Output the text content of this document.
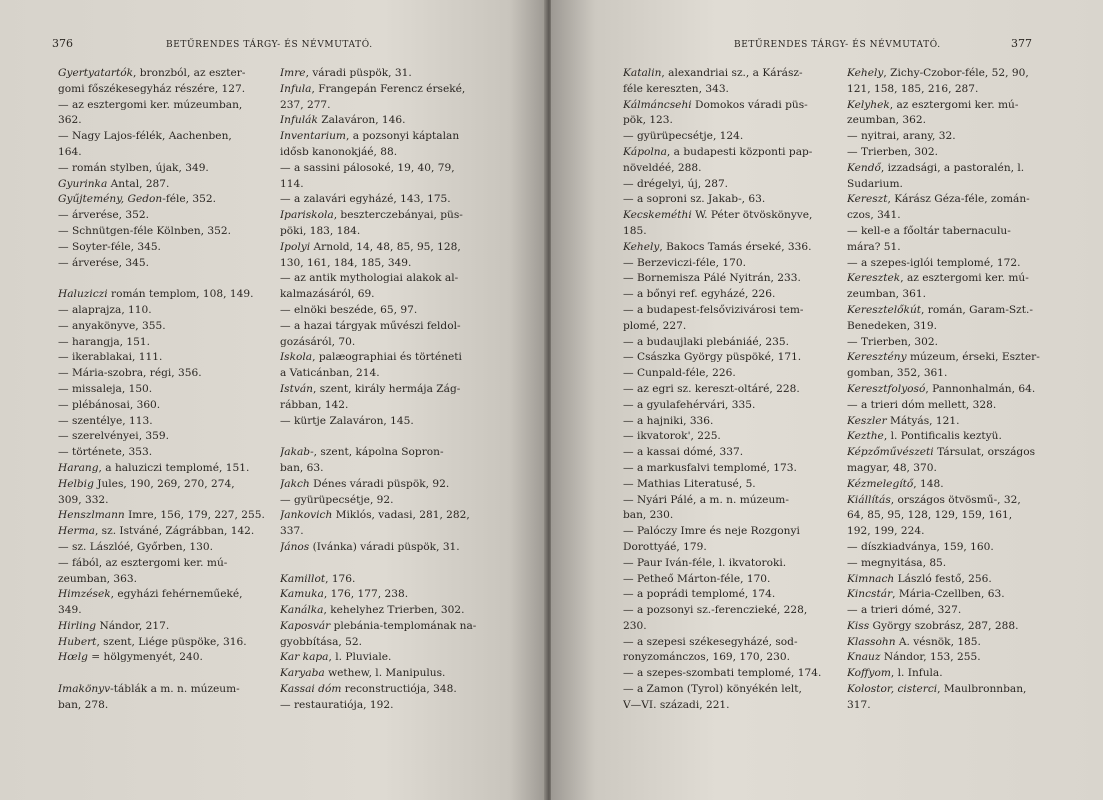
376	BETŰRENDES TÁRGY- ÉS NÉVMUTATÓ.

Gyertyatartók, bronzból, az eszter-

gomi főszékesegyház részére, 127.

— az esztergomi ker. múzeumban,

362.

— Nagy Lajos-félék, Aachenben,

164.

— román stylben, újak, 349.

Gyurinka Antal, 287.

Gyűjtemény, Gedon-féle, 352.

— árverése, 352.

— Schnütgen-féle Kölnben, 352.

— Soyter-féle, 345.

— árverése, 345.

Haluziczi román templom, 108, 149.

— alaprajza, 110.

— anyakönyve, 355.

— harangja, 151.

— ikerablakai, 111.

— Mária-szobra, régi, 356.

— missaleja, 150.

— plébánosai, 360.

— szentélye, 113.

— szerelvényei, 359.

— története, 353.

Harang, a haluziczi templomé, 151.

Helbig Jules, 190, 269, 270, 274,

309, 332.

Henszlmann Imre, 156, 179, 227, 255.

Herma, sz. Istváné, Zágrábban, 142.

— sz. Lászlóé, Győrben, 130.

— fából, az esztergomi ker. mú-

zeumban, 363.

Himzések, egyházi fehérneműeké,

349.

Hirling Nándor, 217.

Hubert, szent, Liége püspöke, 316.

Hœlg = hölgymenyét, 240.

Imakönyv-táblák a m. n. múzeum-

ban, 278.

Imre, váradi püspök, 31.

Infula, Frangepán Ferencz érseké,

237, 277.

Infulák Zalaváron, 146.

Inventarium, a pozsonyi káptalan

idősb kanonokjáé, 88.

— a sassini pálosoké, 19, 40, 79,

114.

— a zalavári egyházé, 143, 175.

Ipariskola, beszterczebányai, püs-

pöki, 183, 184.

Ipolyi Arnold, 14, 48, 85, 95, 128,

130, 161, 184, 185, 349.

— az antik mythologiai alakok al-

kalmazásáról, 69.

— elnöki beszéde, 65, 97.

— a hazai tárgyak művészi feldol-

gozásáról, 70.

Iskola, palæographiai és történeti

a Vaticánban, 214.

István, szent, király hermája Zág-

rábban, 142.

— kürtje Zalaváron, 145.

Jakab-, szent, kápolna Sopron-

ban, 63.

Jakch Dénes váradi püspök, 92.

— gyürüpecsétje, 92.

Jankovich Miklós, vadasi, 281, 282,

337.

János (Ivánka) váradi püspök, 31.

Kamillot, 176.

Kamuka, 176, 177, 238.

Kanálka, kehelyhez Trierben, 302.

Kaposvár plebánia-templomának na-

gyobbítása, 52.

Kar kapa, l. Pluviale.

Karyaba wethew, l. Manipulus.

Kassai dóm reconstructiója, 348.

— restauratiója, 192.

BETŰRENDES TÁRGY- ÉS NÉVMUTATÓ.	377

Katalin, alexandriai sz., a Kárász-

féle kereszten, 343.

Kálmáncsehi Domokos váradi püs-

pök, 123.

— gyürüpecsétje, 124.

Kápolna, a budapesti központi pap-

növeldéé, 288.

— drégelyi, új, 287.

— a soproni sz. Jakab-, 63.

Kecskeméthi W. Péter ötvöskönyve,

185.

Kehely, Bakocs Tamás érseké, 336.

— Berzeviczi-féle, 170.

— Bornemisza Pálé Nyitrán, 233.

— a bőnyi ref. egyházé, 226.

— a budapest-felsővizivárosi tem-

plomé, 227.

— a budaujlaki plebániáé, 235.

— Császka György püspöké, 171.

— Cunpald-féle, 226.

— az egri sz. kereszt-oltáré, 228.

— a gyulafehérvári, 335.

— a hajniki, 336.

— ikvatorok', 225.

— a kassai dómé, 337.

— a markusfalvi templomé, 173.

— Mathias Literatusé, 5.

— Nyári Pálé, a m. n. múzeum-

ban, 230.

— Palóczy Imre és neje Rozgonyi

Dorottyáé, 179.

— Paur Iván-féle, l. ikvatoroki.

— Petheő Márton-féle, 170.

— a poprádi templomé, 174.

— a pozsonyi sz.-ferenczieké, 228,

230.

— a szepesi székesegyházé, sod-

ronyzománczos, 169, 170, 230.

— a szepes-szombati templomé, 174.

— a Zamon (Tyrol) könyékén lelt,

V—VI. századi, 221.

Kehely, Zichy-Czobor-féle, 52, 90,

121, 158, 185, 216, 287.

Kelyhek, az esztergomi ker. mú-

zeumban, 362.

— nyitrai, arany, 32.

— Trierben, 302.

Kendő, izzadsági, a pastoralén, l.

Sudarium.

Kereszt, Kárász Géza-féle, zomán-

czos, 341.

— kell-e a főoltár tabernaculu-

mára? 51.

— a szepes-iglói templomé, 172.

Keresztek, az esztergomi ker. mú-

zeumban, 361.

Keresztelőkút, román, Garam-Szt.-

Benedeken, 319.

— Trierben, 302.

Keresztény múzeum, érseki, Eszter-

gomban, 352, 361.

Keresztfolyosó, Pannonhalmán, 64.

— a trieri dóm mellett, 328.

Keszler Mátyás, 121.

Kezthe, l. Pontificalis keztyü.

Képzőművészeti Társulat, országos

magyar, 48, 370.

Kézmelegítő, 148.

Kiállítás, országos ötvösmű-, 32,

64, 85, 95, 128, 129, 159, 161,

192, 199, 224.

— díszkiadványa, 159, 160.

— megnyitása, 85.

Kimnach László festő, 256.

Kincstár, Mária-Czellben, 63.

— a trieri dómé, 327.

Kiss György szobrász, 287, 288.

Klassohn A. vésnök, 185.

Knauz Nándor, 153, 255.

Koffyom, l. Infula.

Kolostor, cisterci, Maulbronnban,

317.
